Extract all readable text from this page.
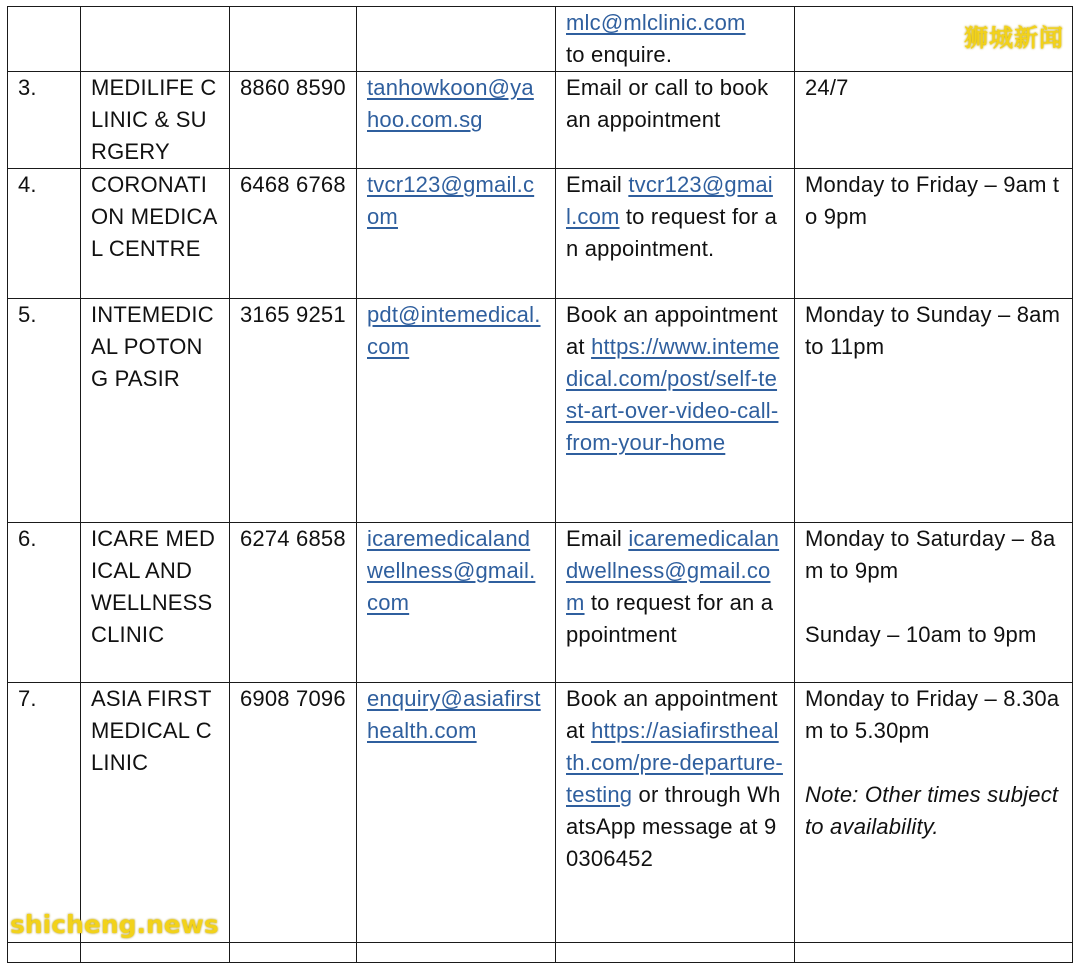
				mlc@mlclinic.com
to enquire.	

3.	MEDILIFE CLINIC & SURGERY	8860 8590	tanhowkoon@yahoo.com.sg	Email or call to book an appointment	24/7

4.	CORONATION MEDICAL CENTRE	6468 6768	tvcr123@gmail.com	Email tvcr123@gmail.com to request for an appointment.	Monday to Friday – 9am to 9pm

5.	INTEMEDICAL POTONG PASIR	3165 9251	pdt@intemedical.com	Book an appointment at https://www.intemedical.com/post/self-test-art-over-video-call-from-your-home	Monday to Sunday – 8am to 11pm

6.	ICARE MEDICAL AND WELLNESS CLINIC	6274 6858	icaremedicalandwellness@gmail.com	Email icaremedicalandwellness@gmail.com to request for an appointment	Monday to Saturday – 8am to 9pm
Sunday – 10am to 9pm

7.	ASIA FIRST MEDICAL CLINIC	6908 7096	enquiry@asiafirsthealth.com	Book an appointment at https://asiafirsthealth.com/pre-departure-testing or through WhatsApp message at 90306452	Monday to Friday – 8.30am to 5.30pm
Note: Other times subject to availability.

狮城新闻
shicheng.news
